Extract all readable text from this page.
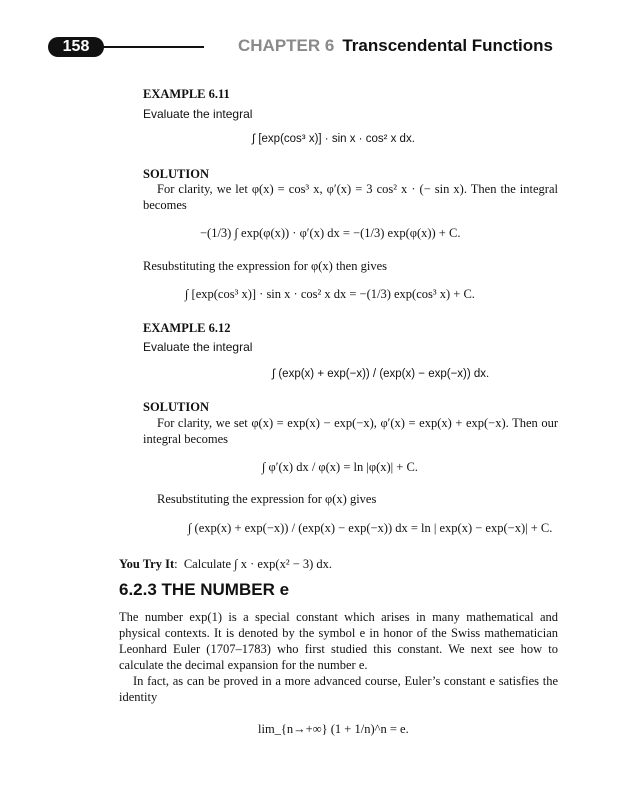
158	CHAPTER 6 Transcendental Functions
EXAMPLE 6.11
Evaluate the integral
∫ [exp(cos³ x)] · sin x · cos² x dx.
SOLUTION
For clarity, we let φ(x) = cos³ x, φ′(x) = 3 cos² x · (− sin x). Then the integral becomes
−(1/3) ∫ exp(φ(x)) · φ′(x) dx = −(1/3) exp(φ(x)) + C.
Resubstituting the expression for φ(x) then gives
∫ [exp(cos³ x)] · sin x · cos² x dx = −(1/3) exp(cos³ x) + C.
EXAMPLE 6.12
Evaluate the integral
∫ (exp(x) + exp(−x)) / (exp(x) − exp(−x)) dx.
SOLUTION
For clarity, we set φ(x) = exp(x) − exp(−x), φ′(x) = exp(x) + exp(−x). Then our integral becomes
∫ φ′(x) dx / φ(x) = ln |φ(x)| + C.
Resubstituting the expression for φ(x) gives
∫ (exp(x) + exp(−x)) / (exp(x) − exp(−x)) dx = ln | exp(x) − exp(−x)| + C.
You Try It:  Calculate ∫ x · exp(x² − 3) dx.
6.2.3 THE NUMBER e
The number exp(1) is a special constant which arises in many mathematical and physical contexts. It is denoted by the symbol e in honor of the Swiss mathematician Leonhard Euler (1707–1783) who first studied this constant. We next see how to calculate the decimal expansion for the number e.
In fact, as can be proved in a more advanced course, Euler’s constant e satisfies the identity
lim_{n→+∞} (1 + 1/n)^n = e.
